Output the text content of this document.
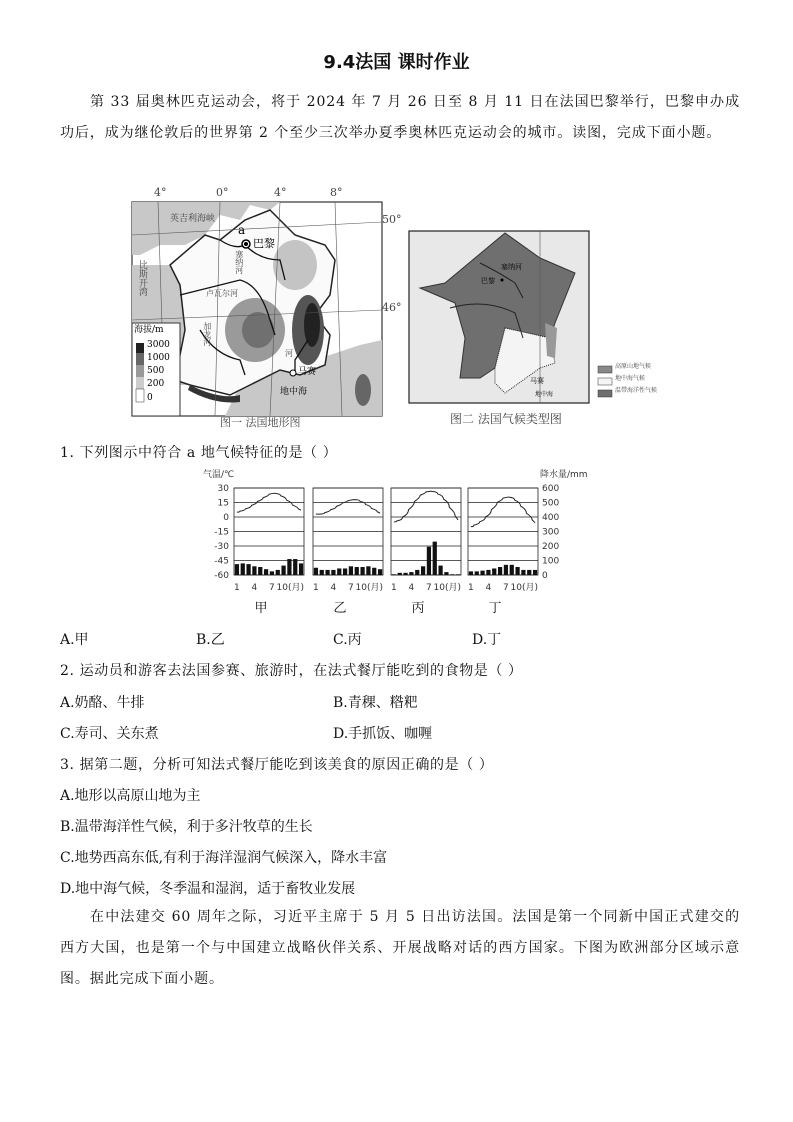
9.4法国 课时作业
第 33 届奥林匹克运动会，将于 2024 年 7 月 26 日至 8 月 11 日在法国巴黎举行，巴黎申办成功后，成为继伦敦后的世界第 2 个至少三次举办夏季奥林匹克运动会的城市。读图，完成下面小题。
4°	0°	4°	8°
50°
46°
a
巴黎
马赛
英吉利海峡
比斯开湾
地中海
塞纳河
卢瓦尔河
加龙河
河
海拔/m
3000
1000
500
200
0
图一 法国地形图
巴黎
塞纳河
马赛
地中海
高原山地气候
地中海气候
温带海洋性气候
图二 法国气候类型图
1. 下列图示中符合 a 地气候特征的是（ ）
气温/℃	降水量/mm
30
15
0
-15
-30
-45
-60
600
500
400
300
200
100
0
1 4 7 10(月)
甲
1 4 7 10(月)
乙
1 4 7 10(月)
丙
1 4 7 10(月)
丁
A.甲	B.乙	C.丙	D.丁
2. 运动员和游客去法国参赛、旅游时，在法式餐厅能吃到的食物是（ ）
A.奶酪、牛排	B.青稞、糌粑
C.寿司、关东煮	D.手抓饭、咖喱
3. 据第二题，分析可知法式餐厅能吃到该美食的原因正确的是（ ）
A.地形以高原山地为主
B.温带海洋性气候，利于多汁牧草的生长
C.地势西高东低,有利于海洋湿润气候深入，降水丰富
D.地中海气候，冬季温和湿润，适于畜牧业发展
在中法建交 60 周年之际，习近平主席于 5 月 5 日出访法国。法国是第一个同新中国正式建交的西方大国，也是第一个与中国建立战略伙伴关系、开展战略对话的西方国家。下图为欧洲部分区域示意图。据此完成下面小题。
